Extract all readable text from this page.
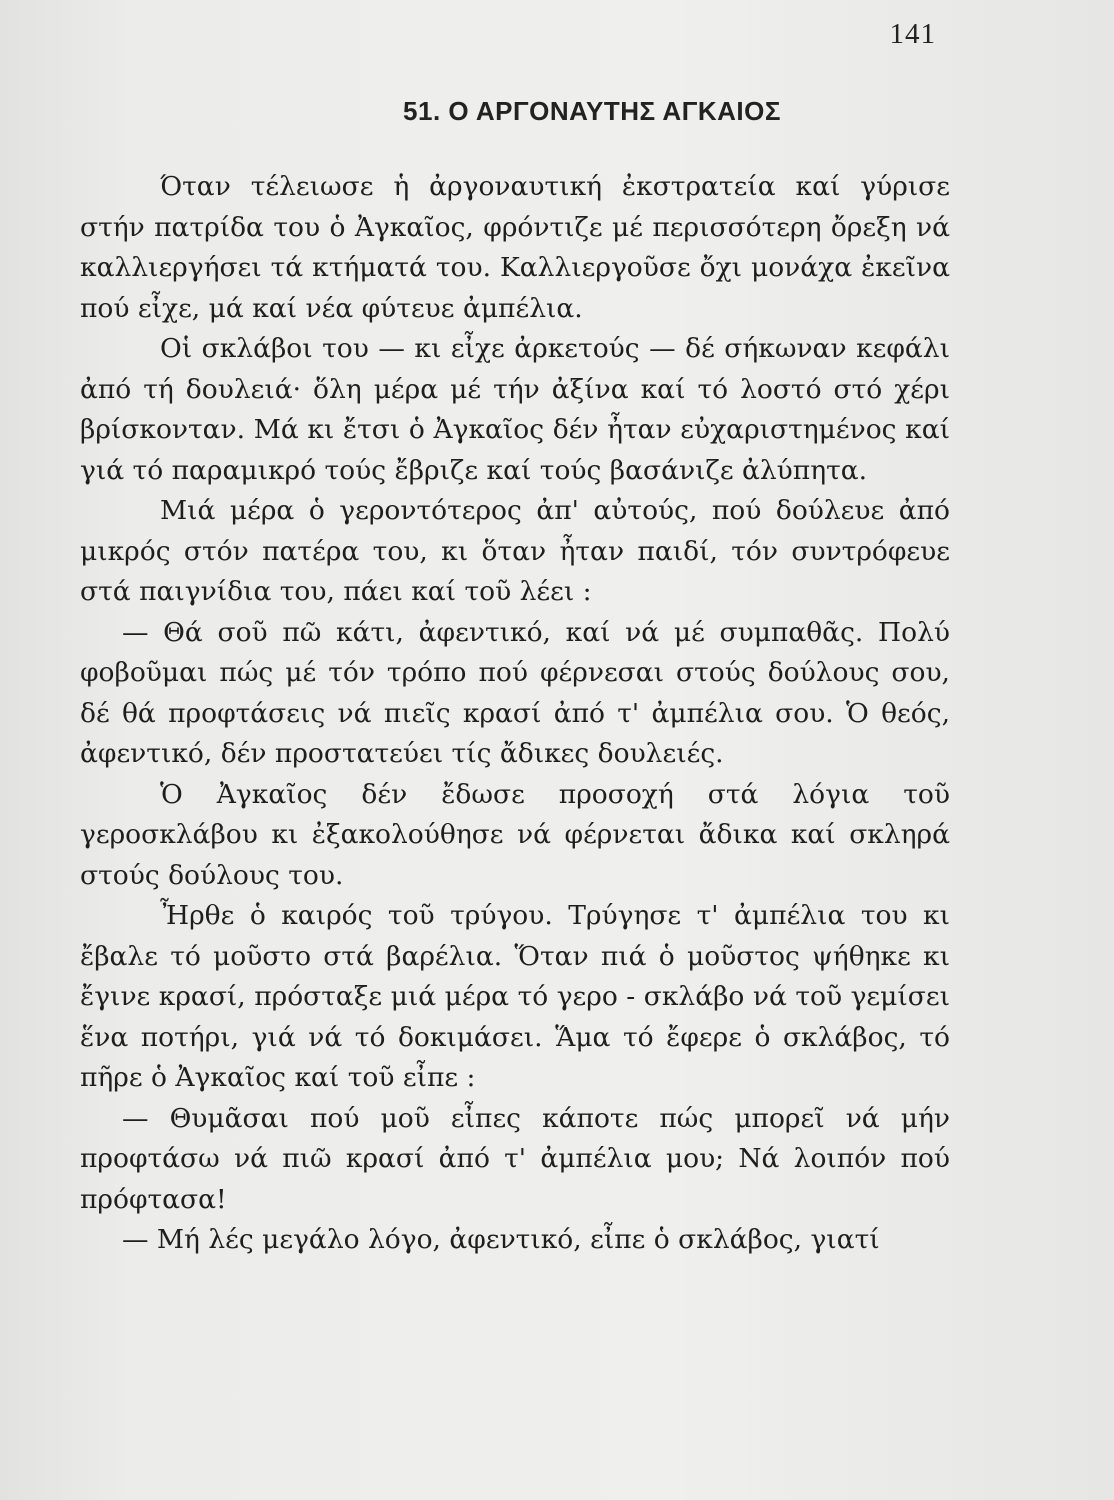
141
51. Ο ΑΡΓΟΝΑΥΤΗΣ ΑΓΚΑΙΟΣ

Όταν τέλειωσε ἡ ἀργοναυτική ἐκστρατεία καί γύρισε στήν πατρίδα του ὁ Ἀγκαῖος, φρόντιζε μέ περισσότερη ὄρεξη νά καλλιεργήσει τά κτήματά του. Καλλιεργοῦσε ὄχι μονάχα ἐκεῖνα πού εἶχε, μά καί νέα φύτευε ἀμπέλια.

Οἱ σκλάβοι του — κι εἶχε ἀρκετούς — δέ σήκωναν κεφάλι ἀπό τή δουλειά· ὅλη μέρα μέ τήν ἀξίνα καί τό λοστό στό χέρι βρίσκονταν. Μά κι ἔτσι ὁ Ἀγκαῖος δέν ἦταν εὐχαριστημένος καί γιά τό παραμικρό τούς ἔβριζε καί τούς βασάνιζε ἀλύπητα.

Μιά μέρα ὁ γεροντότερος ἀπ' αὐτούς, πού δούλευε ἀπό μικρός στόν πατέρα του, κι ὅταν ἦταν παιδί, τόν συντρόφευε στά παιγνίδια του, πάει καί τοῦ λέει :

— Θά σοῦ πῶ κάτι, ἀφεντικό, καί νά μέ συμπαθᾶς. Πολύ φοβοῦμαι πώς μέ τόν τρόπο πού φέρνεσαι στούς δούλους σου, δέ θά προφτάσεις νά πιεῖς κρασί ἀπό τ' ἀμπέλια σου. Ὁ θεός, ἀφεντικό, δέν προστατεύει τίς ἄδικες δουλειές.

Ὁ Ἀγκαῖος δέν ἔδωσε προσοχή στά λόγια τοῦ γεροσκλάβου κι ἐξακολούθησε νά φέρνεται ἄδικα καί σκληρά στούς δούλους του.

Ἦρθε ὁ καιρός τοῦ τρύγου. Τρύγησε τ' ἀμπέλια του κι ἔβαλε τό μοῦστο στά βαρέλια. Ὅταν πιά ὁ μοῦστος ψήθηκε κι ἔγινε κρασί, πρόσταξε μιά μέρα τό γερο - σκλάβο νά τοῦ γεμίσει ἕνα ποτήρι, γιά νά τό δοκιμάσει. Ἅμα τό ἔφερε ὁ σκλάβος, τό πῆρε ὁ Ἀγκαῖος καί τοῦ εἶπε :

— Θυμᾶσαι πού μοῦ εἶπες κάποτε πώς μπορεῖ νά μήν προφτάσω νά πιῶ κρασί ἀπό τ' ἀμπέλια μου; Νά λοιπόν πού πρόφτασα!

— Μή λές μεγάλο λόγο, ἀφεντικό, εἶπε ὁ σκλάβος, γιατί
